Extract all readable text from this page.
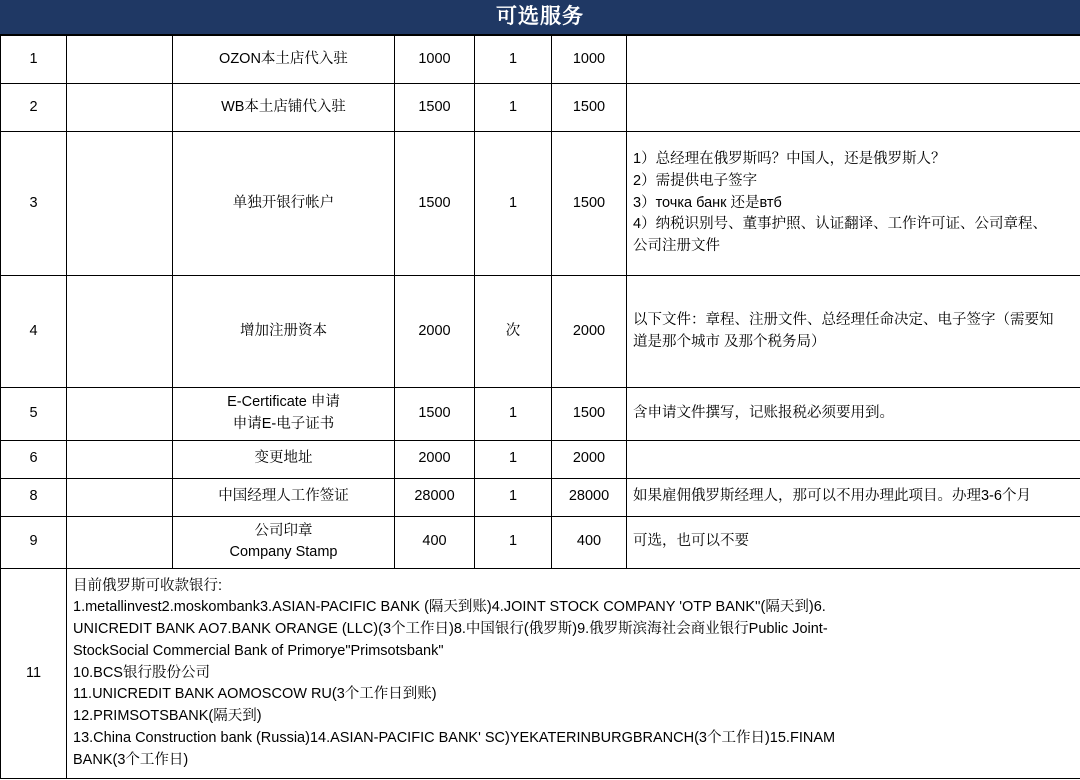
可选服务
1		OZON本土店代入驻	1000	1	1000	
2		WB本土店铺代入驻	1500	1	1500	
3		单独开银行帐户	1500	1	1500	1）总经理在俄罗斯吗？中国人，还是俄罗斯人？
2）需提供电子签字
3）точка банк 还是втб
4）纳税识别号、董事护照、认证翻译、工作许可证、公司章程、
公司注册文件

4		增加注册资本	2000	次	2000	以下文件：章程、注册文件、总经理任命决定、电子签字（需要知
道是那个城市 及那个税务局）

5		E-Certificate 申请
申请E-电子证书	1500	1	1500	含申请文件撰写，记账报税必须要用到。
6		变更地址	2000	1	2000	
8		中国经理人工作签证	28000	1	28000	如果雇佣俄罗斯经理人，那可以不用办理此项目。办理3-6个月
9		公司印章
Company Stamp	400	1	400	可选，也可以不要
11	
目前俄罗斯可收款银行:
1.metallinvest2.moskombank3.ASIAN-PACIFIC BANK (隔天到账)4.JOINT STOCK COMPANY 'OTP BANK''(隔天到)6.
UNICREDIT BANK AO7.BANK ORANGE (LLC)(3个工作日)8.中国银行(俄罗斯)9.俄罗斯滨海社会商业银行Public Joint-
StockSocial Commercial Bank of Primorye"Primsotsbank"
10.BCS银行股份公司
11.UNICREDIT BANK AOMOSCOW RU(3个工作日到账)
12.PRIMSOTSBANK(隔天到)
13.China Construction bank (Russia)14.ASIAN-PACIFIC BANK' SC)YEKATERINBURGBRANCH(3个工作日)15.FINAM
BANK(3个工作日)
